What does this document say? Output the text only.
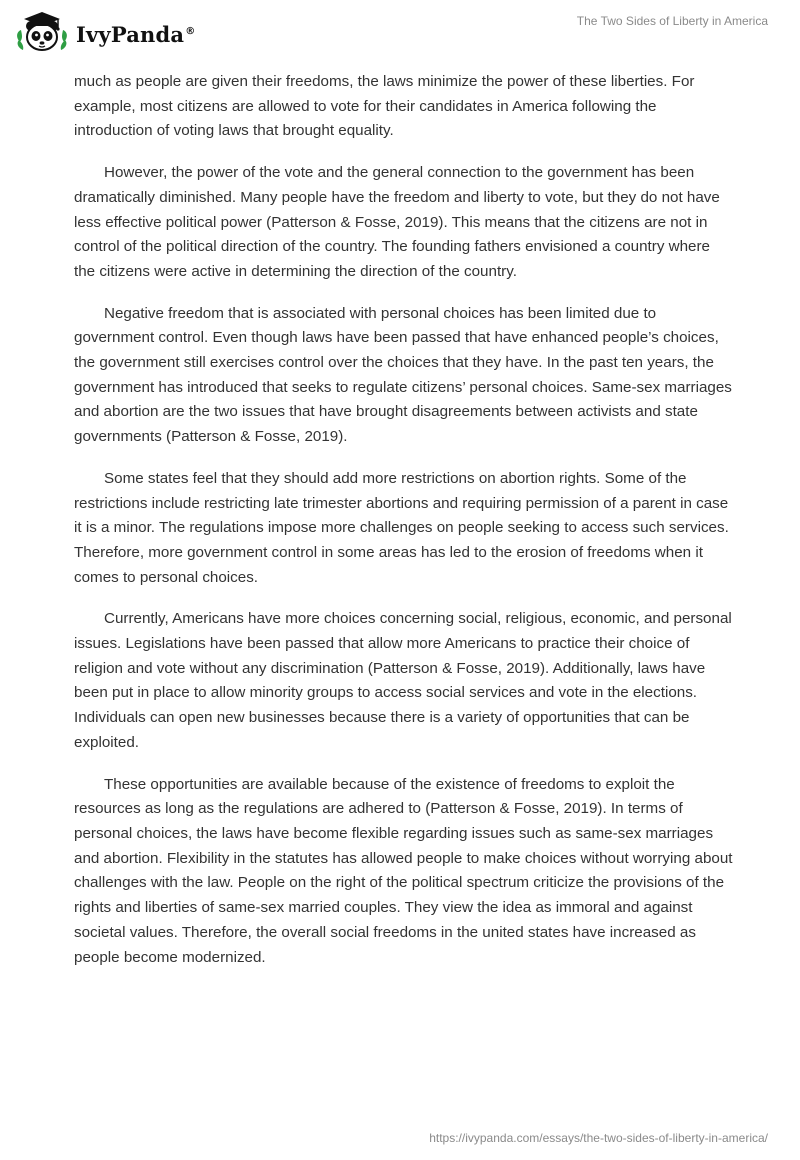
IvyPanda®
The Two Sides of Liberty in America

much as people are given their freedoms, the laws minimize the power of these liberties. For example, most citizens are allowed to vote for their candidates in America following the introduction of voting laws that brought equality.

However, the power of the vote and the general connection to the government has been dramatically diminished. Many people have the freedom and liberty to vote, but they do not have less effective political power (Patterson & Fosse, 2019). This means that the citizens are not in control of the political direction of the country. The founding fathers envisioned a country where the citizens were active in determining the direction of the country.

Negative freedom that is associated with personal choices has been limited due to government control. Even though laws have been passed that have enhanced people’s choices, the government still exercises control over the choices that they have. In the past ten years, the government has introduced that seeks to regulate citizens’ personal choices. Same-sex marriages and abortion are the two issues that have brought disagreements between activists and state governments (Patterson & Fosse, 2019).

Some states feel that they should add more restrictions on abortion rights. Some of the restrictions include restricting late trimester abortions and requiring permission of a parent in case it is a minor. The regulations impose more challenges on people seeking to access such services. Therefore, more government control in some areas has led to the erosion of freedoms when it comes to personal choices.

Currently, Americans have more choices concerning social, religious, economic, and personal issues. Legislations have been passed that allow more Americans to practice their choice of religion and vote without any discrimination (Patterson & Fosse, 2019). Additionally, laws have been put in place to allow minority groups to access social services and vote in the elections. Individuals can open new businesses because there is a variety of opportunities that can be exploited.

These opportunities are available because of the existence of freedoms to exploit the resources as long as the regulations are adhered to (Patterson & Fosse, 2019). In terms of personal choices, the laws have become flexible regarding issues such as same-sex marriages and abortion. Flexibility in the statutes has allowed people to make choices without worrying about challenges with the law. People on the right of the political spectrum criticize the provisions of the rights and liberties of same-sex married couples. They view the idea as immoral and against societal values. Therefore, the overall social freedoms in the united states have increased as people become modernized.

https://ivypanda.com/essays/the-two-sides-of-liberty-in-america/
